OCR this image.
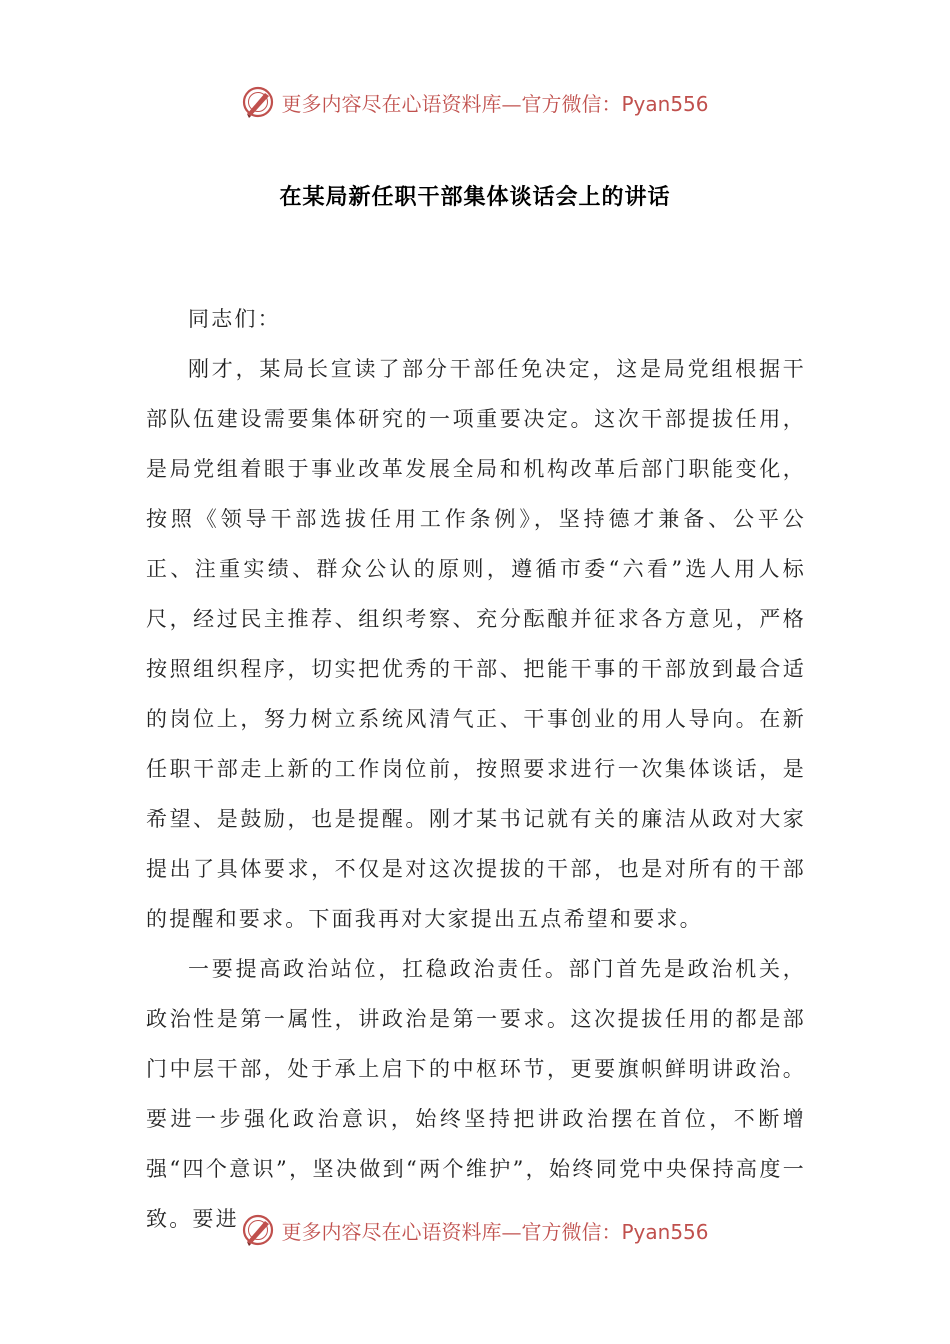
更多内容尽在心语资料库—官方微信：Pyan556
在某局新任职干部集体谈话会上的讲话

同志们：

刚才，某局长宣读了部分干部任免决定，这是局党组根据干部队伍建设需要集体研究的一项重要决定。这次干部提拔任用，是局党组着眼于事业改革发展全局和机构改革后部门职能变化，按照《领导干部选拔任用工作条例》，坚持德才兼备、公平公正、注重实绩、群众公认的原则，遵循市委“六看”选人用人标尺，经过民主推荐、组织考察、充分酝酿并征求各方意见，严格按照组织程序，切实把优秀的干部、把能干事的干部放到最合适的岗位上，努力树立系统风清气正、干事创业的用人导向。在新任职干部走上新的工作岗位前，按照要求进行一次集体谈话，是希望、是鼓励，也是提醒。刚才某书记就有关的廉洁从政对大家提出了具体要求，不仅是对这次提拔的干部，也是对所有的干部的提醒和要求。下面我再对大家提出五点希望和要求。

一要提高政治站位，扛稳政治责任。部门首先是政治机关，政治性是第一属性，讲政治是第一要求。这次提拔任用的都是部门中层干部，处于承上启下的中枢环节，更要旗帜鲜明讲政治。要进一步强化政治意识，始终坚持把讲政治摆在首位，不断增强“四个意识”，坚决做到“两个维护”，始终同党中央保持高度一致。要进

更多内容尽在心语资料库—官方微信：Pyan556
